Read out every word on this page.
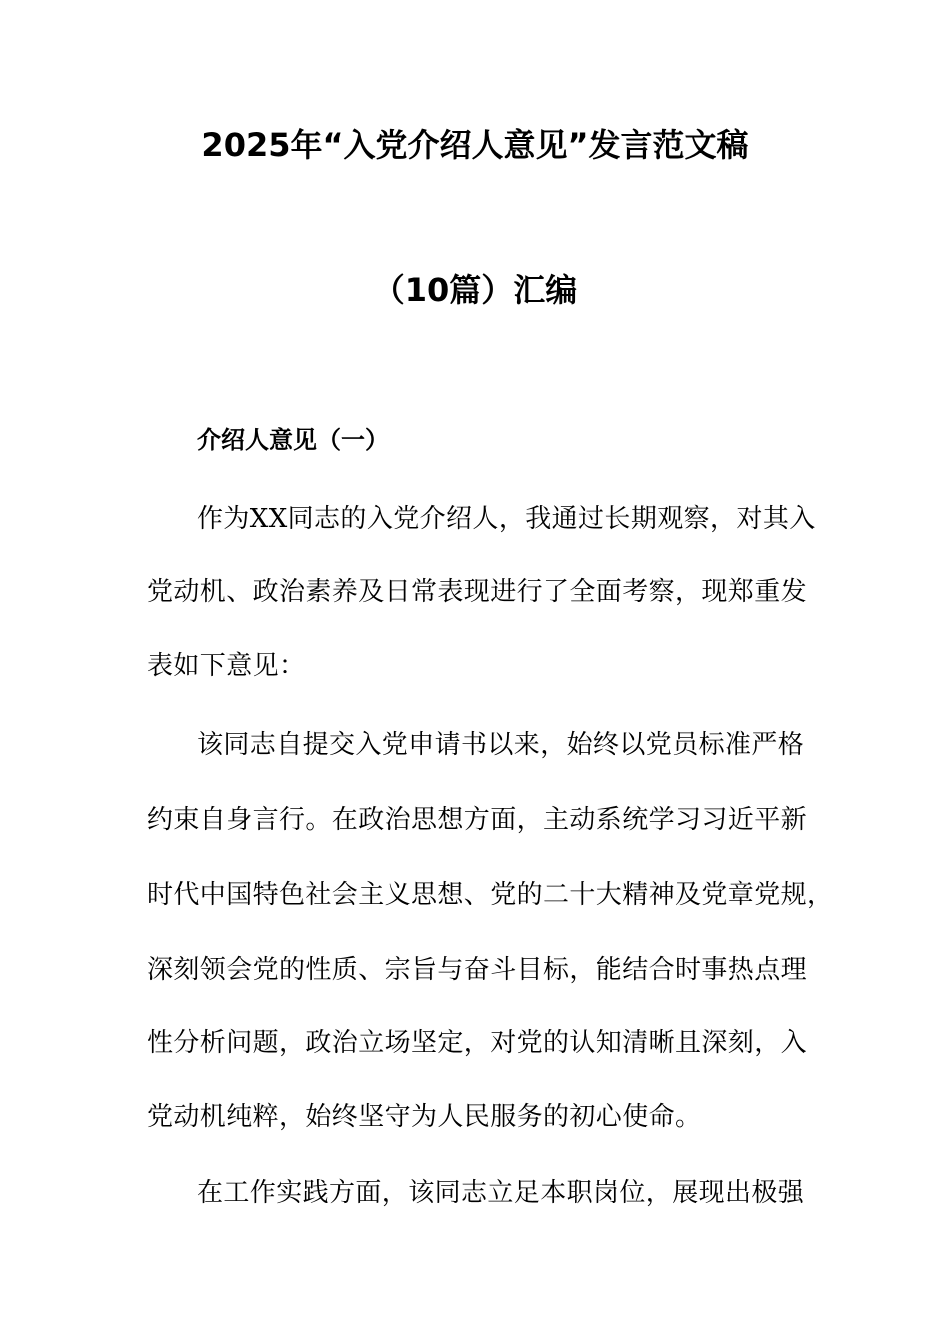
2025年“入党介绍人意见”发言范文稿
（10篇）汇编
介绍人意见（一）
作为XX同志的入党介绍人，我通过长期观察，对其入
党动机、政治素养及日常表现进行了全面考察，现郑重发
表如下意见：
该同志自提交入党申请书以来，始终以党员标准严格
约束自身言行。在政治思想方面，主动系统学习习近平新
时代中国特色社会主义思想、党的二十大精神及党章党规，
深刻领会党的性质、宗旨与奋斗目标，能结合时事热点理
性分析问题，政治立场坚定，对党的认知清晰且深刻，入
党动机纯粹，始终坚守为人民服务的初心使命。
在工作实践方面，该同志立足本职岗位，展现出极强
